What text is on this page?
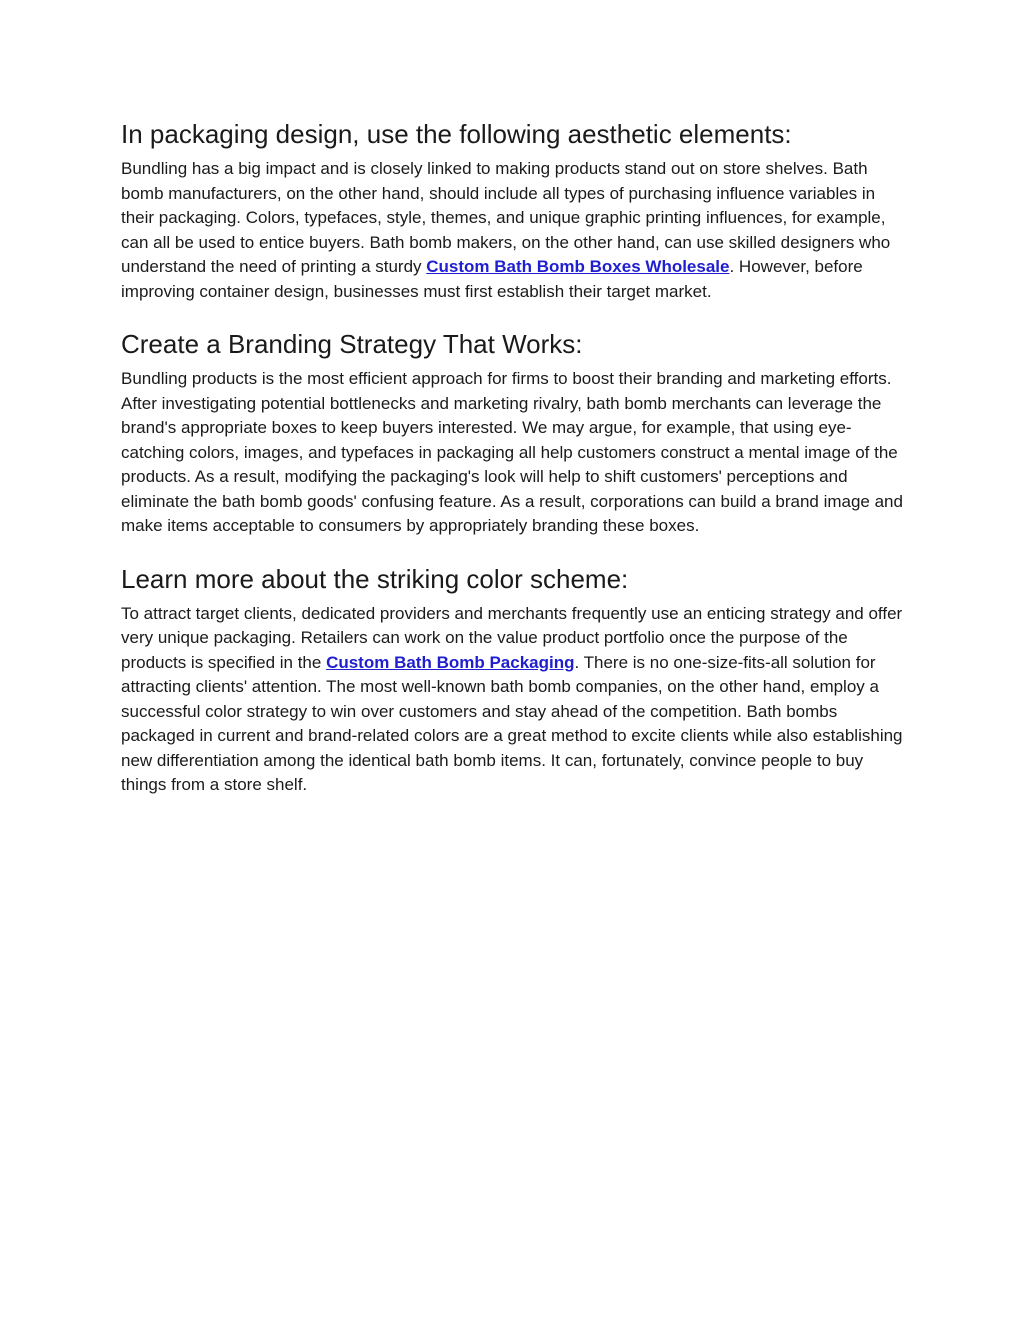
In packaging design, use the following aesthetic elements:

Bundling has a big impact and is closely linked to making products stand out on store shelves. Bath bomb manufacturers, on the other hand, should include all types of purchasing influence variables in their packaging. Colors, typefaces, style, themes, and unique graphic printing influences, for example, can all be used to entice buyers. Bath bomb makers, on the other hand, can use skilled designers who understand the need of printing a sturdy Custom Bath Bomb Boxes Wholesale. However, before improving container design, businesses must first establish their target market.

Create a Branding Strategy That Works:

Bundling products is the most efficient approach for firms to boost their branding and marketing efforts. After investigating potential bottlenecks and marketing rivalry, bath bomb merchants can leverage the brand's appropriate boxes to keep buyers interested. We may argue, for example, that using eye-catching colors, images, and typefaces in packaging all help customers construct a mental image of the products. As a result, modifying the packaging's look will help to shift customers' perceptions and eliminate the bath bomb goods' confusing feature. As a result, corporations can build a brand image and make items acceptable to consumers by appropriately branding these boxes.

Learn more about the striking color scheme:

To attract target clients, dedicated providers and merchants frequently use an enticing strategy and offer very unique packaging. Retailers can work on the value product portfolio once the purpose of the products is specified in the Custom Bath Bomb Packaging. There is no one-size-fits-all solution for attracting clients' attention. The most well-known bath bomb companies, on the other hand, employ a successful color strategy to win over customers and stay ahead of the competition. Bath bombs packaged in current and brand-related colors are a great method to excite clients while also establishing new differentiation among the identical bath bomb items. It can, fortunately, convince people to buy things from a store shelf.
